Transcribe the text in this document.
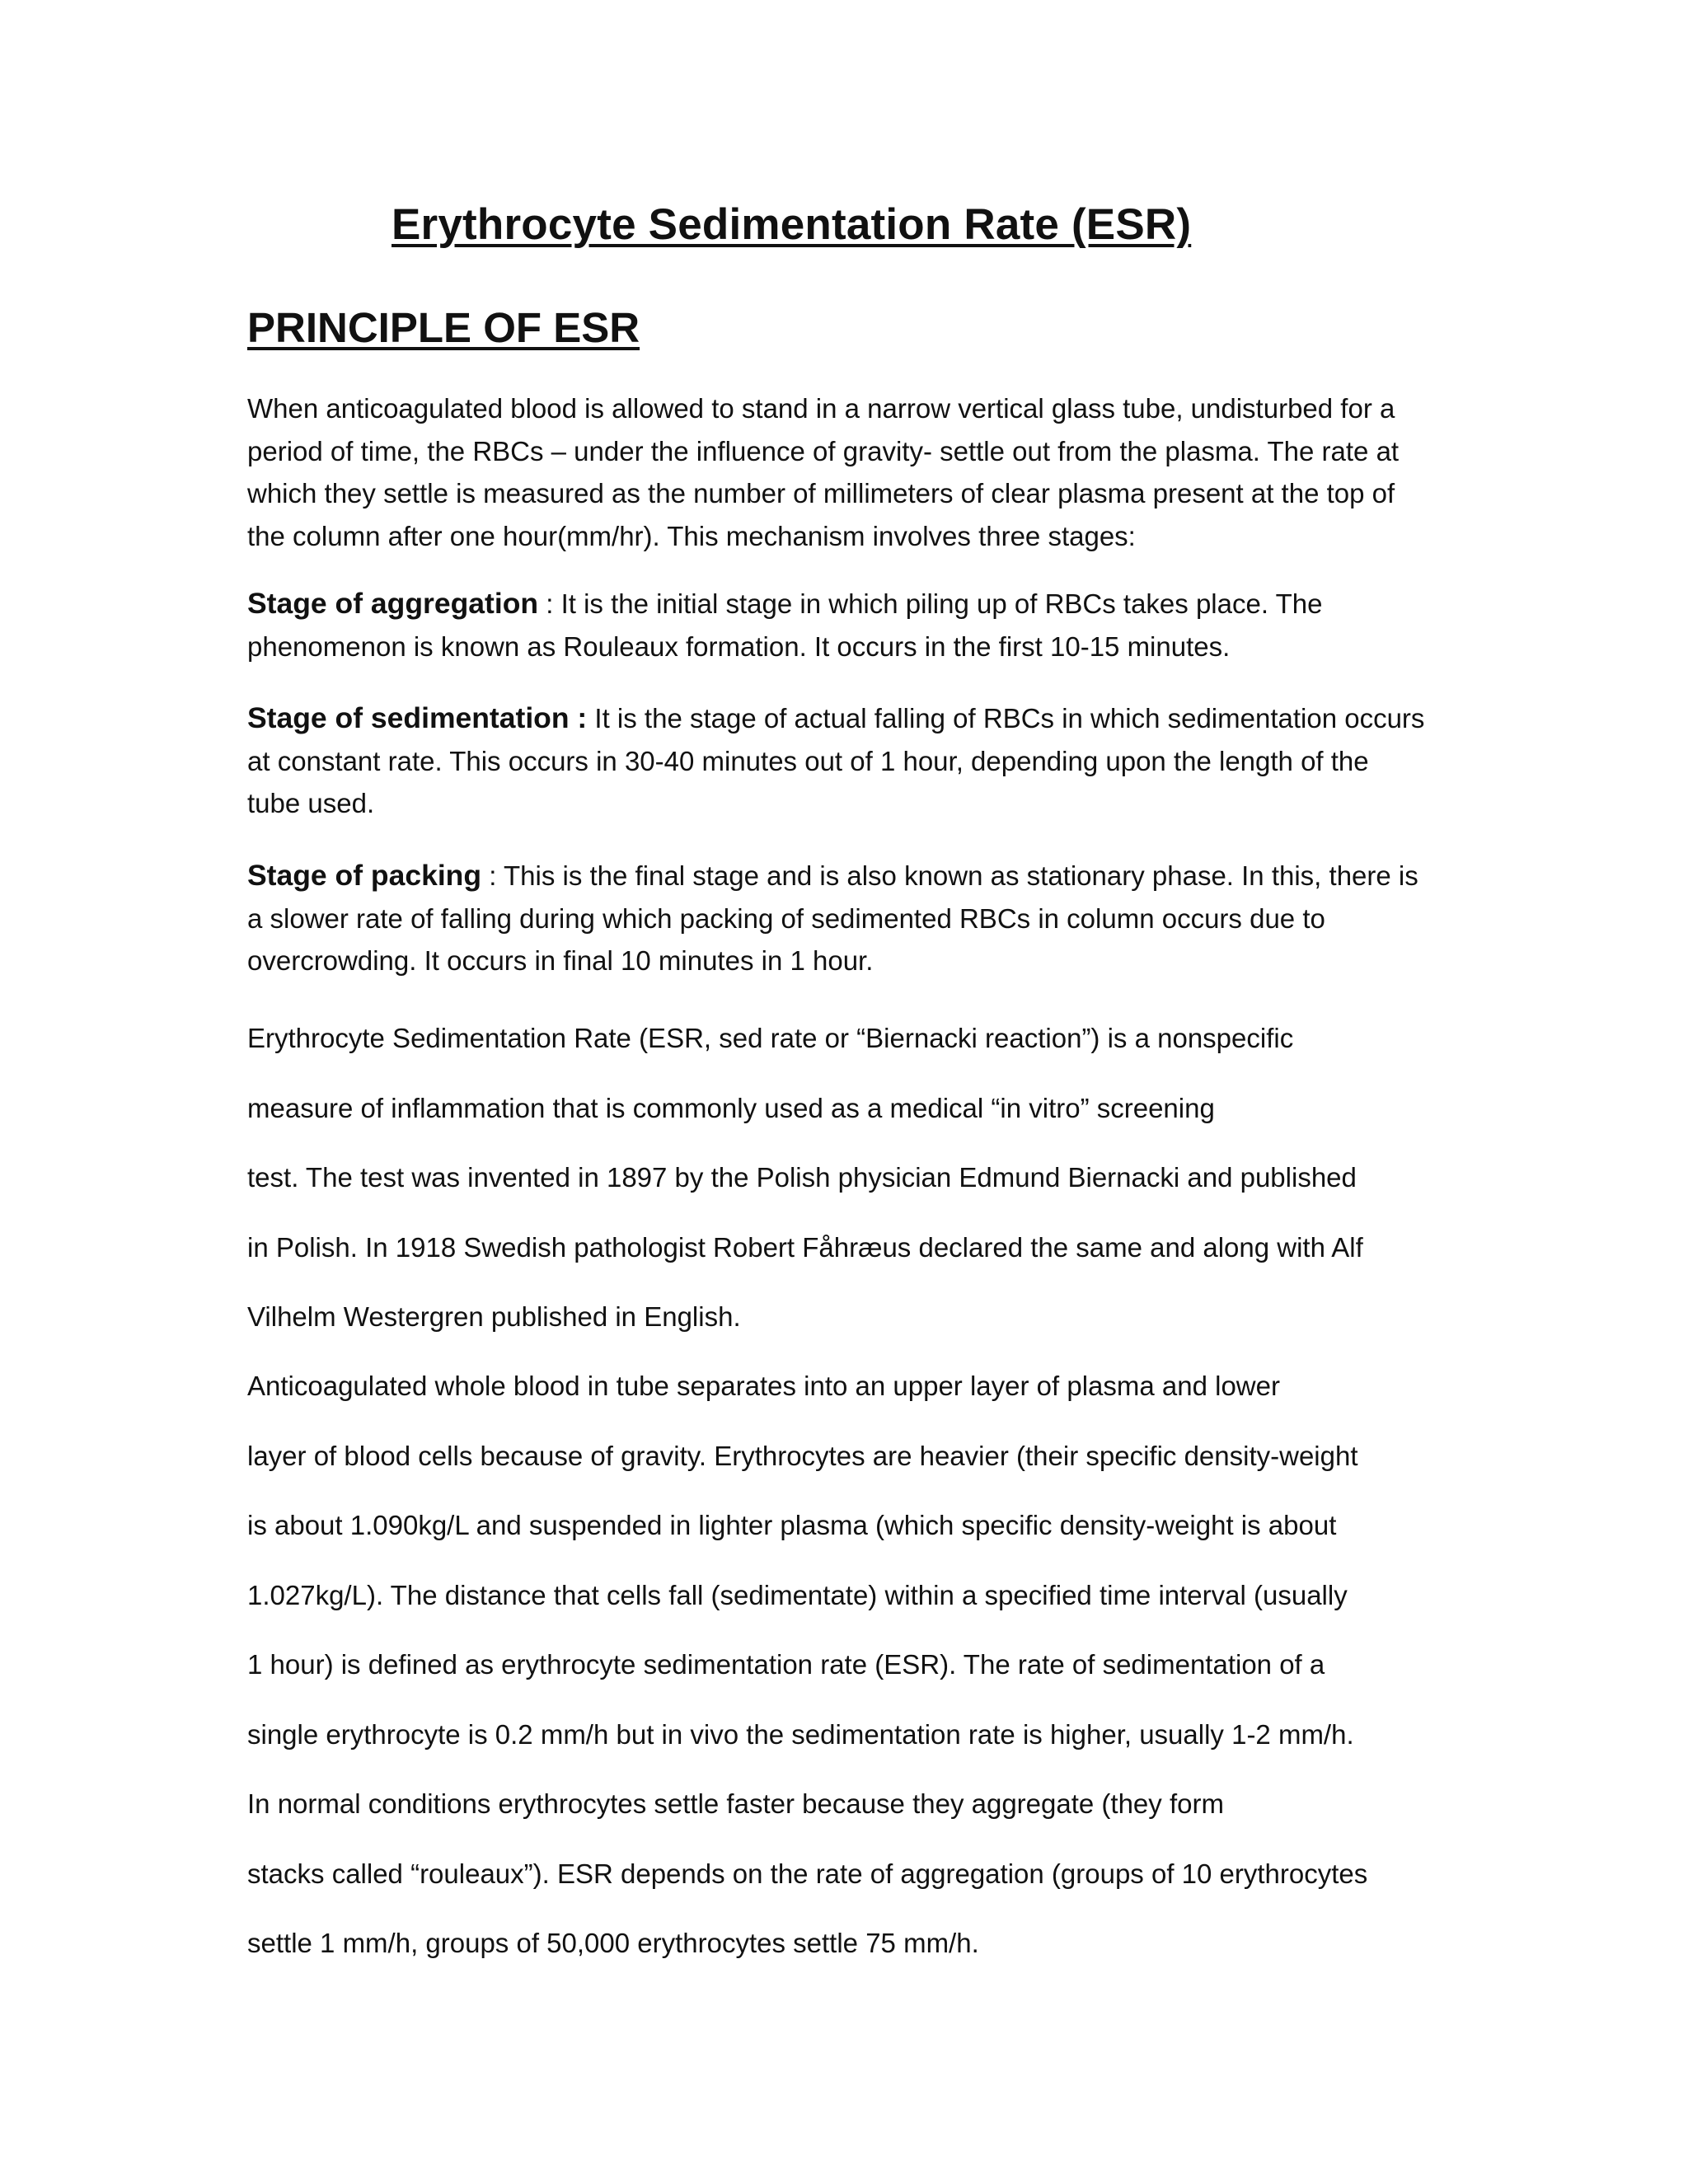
Erythrocyte Sedimentation Rate (ESR)
PRINCIPLE OF ESR

When anticoagulated blood is allowed to stand in a narrow vertical glass tube, undisturbed for a
period of time, the RBCs – under the influence of gravity- settle out from the plasma. The rate at
which they settle is measured as the number of millimeters of clear plasma present at the top of
the column after one hour(mm/hr). This mechanism involves three stages:

Stage of aggregation : It is the initial stage in which piling up of RBCs takes place. The
phenomenon is known as Rouleaux formation. It occurs in the first 10-15 minutes.

Stage of sedimentation : It is the stage of actual falling of RBCs in which sedimentation occurs
at constant rate. This occurs in 30-40 minutes out of 1 hour, depending upon the length of the
tube used.

Stage of packing : This is the final stage and is also known as stationary phase. In this, there is
a slower rate of falling during which packing of sedimented RBCs in column occurs due to
overcrowding. It occurs in final 10 minutes in 1 hour.

Erythrocyte Sedimentation Rate (ESR, sed rate or “Biernacki reaction”) is a nonspecific
measure of inflammation that is commonly used as a medical “in vitro” screening
test. The test was invented in 1897 by the Polish physician Edmund Biernacki and published
in Polish. In 1918 Swedish pathologist Robert Fåhræus declared the same and along with Alf
Vilhelm Westergren published in English.

Anticoagulated whole blood in tube separates into an upper layer of plasma and lower
layer of blood cells because of gravity. Erythrocytes are heavier (their specific density-weight
is about 1.090kg/L and suspended in lighter plasma (which specific density-weight is about
1.027kg/L). The distance that cells fall (sedimentate) within a specified time interval (usually
1 hour) is defined as erythrocyte sedimentation rate (ESR). The rate of sedimentation of a
single erythrocyte is 0.2 mm/h but in vivo the sedimentation rate is higher, usually 1-2 mm/h.
In normal conditions erythrocytes settle faster because they aggregate (they form
stacks called “rouleaux”). ESR depends on the rate of aggregation (groups of 10 erythrocytes
settle 1 mm/h, groups of 50,000 erythrocytes settle 75 mm/h.
